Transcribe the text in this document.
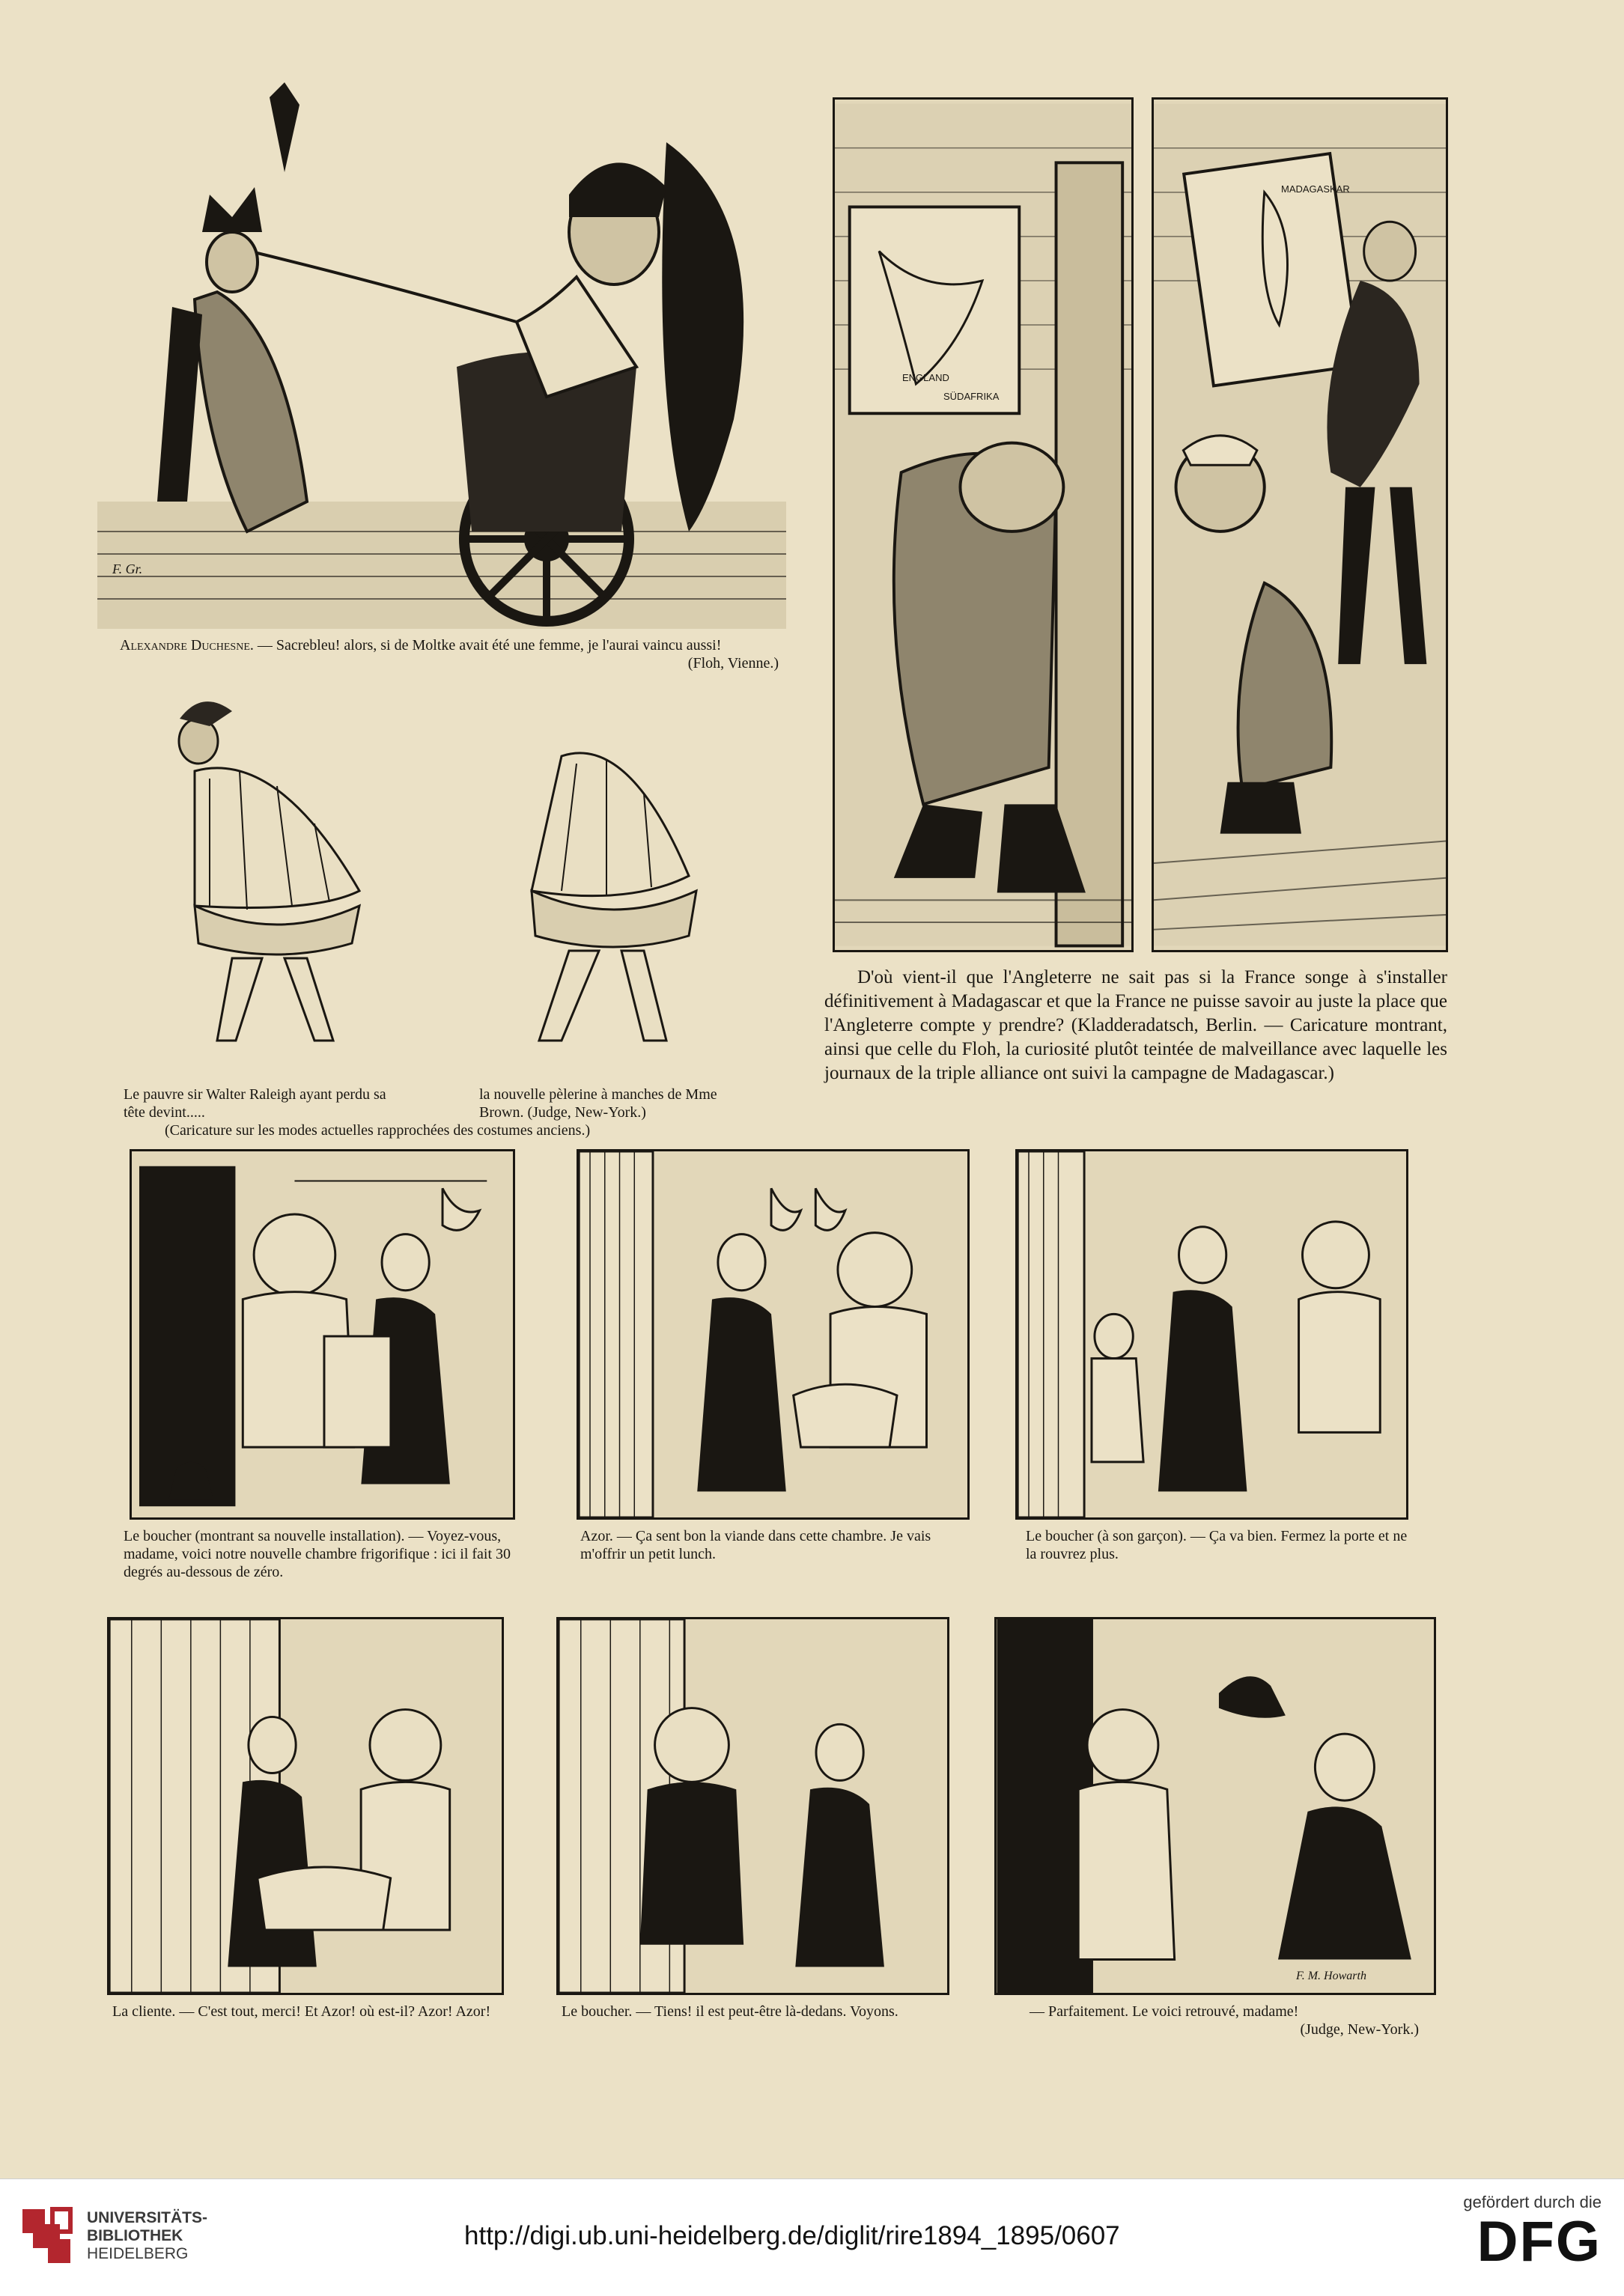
F. Gr.
Alexandre Duchesne. — Sacrebleu! alors, si de Moltke avait été une femme, je l'aurai vaincu aussi!
(Floh, Vienne.)
Le pauvre sir Walter Raleigh ayant perdu sa tête devint.....
la nouvelle pèlerine à manches de Mme Brown. (Judge, New-York.)
(Caricature sur les modes actuelles rapprochées des costumes anciens.)
ENGLAND
SÜDAFRIKA
MADAGASKAR
D'où vient-il que l'Angleterre ne sait pas si la France songe à s'installer définitivement à Madagascar et que la France ne puisse savoir au juste la place que l'Angleterre compte y prendre? (Kladderadatsch, Berlin. — Caricature montrant, ainsi que celle du Floh, la curiosité plutôt teintée de malveillance avec laquelle les journaux de la triple alliance ont suivi la campagne de Madagascar.)
Le boucher (montrant sa nouvelle installation). — Voyez-vous, madame, voici notre nouvelle chambre frigorifique : ici il fait 30 degrés au-dessous de zéro.
Azor. — Ça sent bon la viande dans cette chambre. Je vais m'offrir un petit lunch.
Le boucher (à son garçon). — Ça va bien. Fermez la porte et ne la rouvrez plus.
F. M. Howarth
La cliente. — C'est tout, merci! Et Azor! où est-il? Azor! Azor!	Le boucher. — Tiens! il est peut-être là-dedans. Voyons.	— Parfaitement. Le voici retrouvé, madame!
(Judge, New-York.)
UNIVERSITÄTS-
BIBLIOTHEK
HEIDELBERG
http://digi.ub.uni-heidelberg.de/diglit/rire1894_1895/0607
gefördert durch die
DFG
